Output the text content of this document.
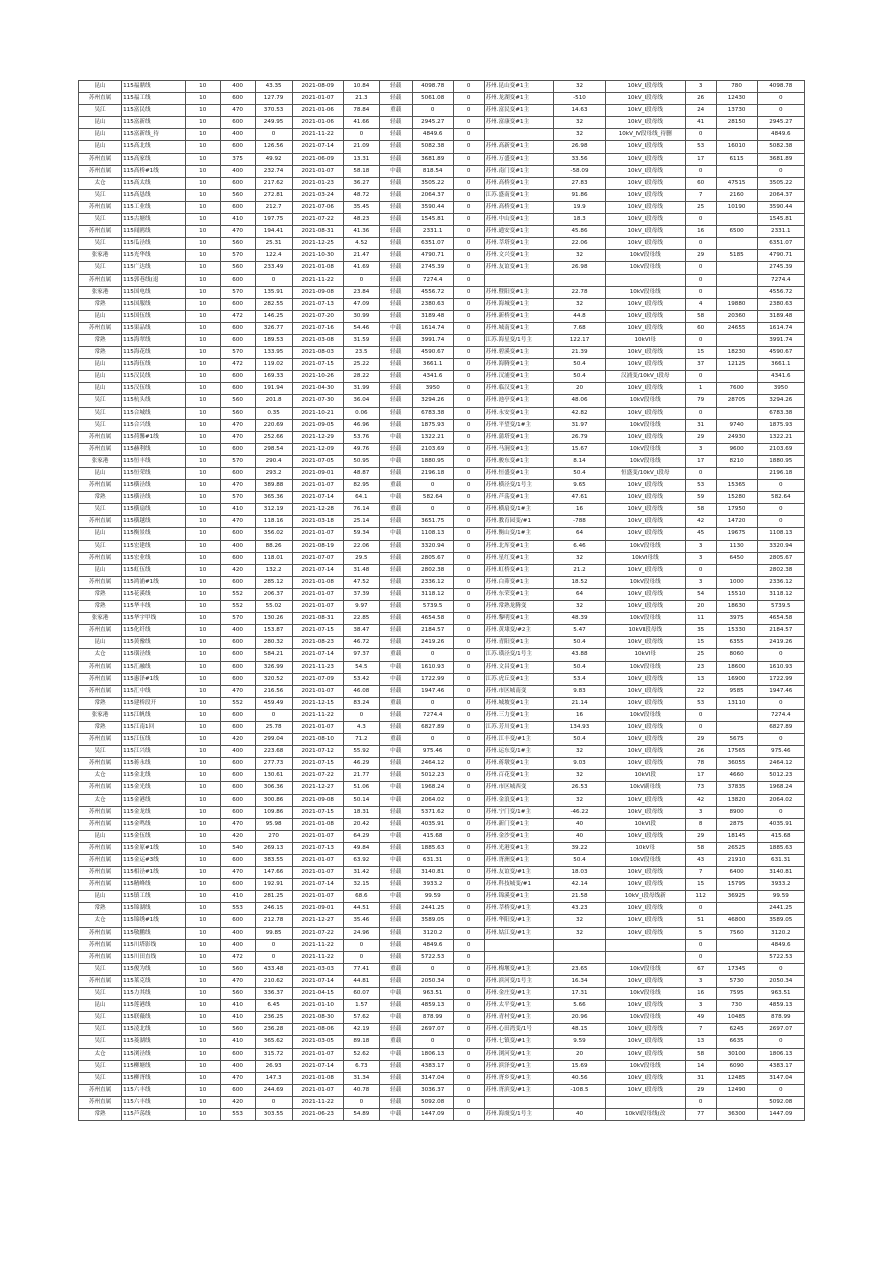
昆山	115福鼎线	10	400	43.35	2021-08-09	10.84	轻载	4098.78	0	苏州.昆山变#1主	32	10kV_Ⅰ段母线	3	780	4098.78
苏州直属	115福工线	10	600	127.79	2021-01-07	21.3	轻载	5061.08	0	苏州.龙湖变#1主	-510	10kV_Ⅰ段母线	26	12430	0
吴江	115富民线	10	470	370.53	2021-01-06	78.84	重载	0	0	苏州.富民变#1主	14.63	10kV_Ⅰ段母线	24	13730	0
昆山	115富新线	10	600	249.95	2021-01-06	41.66	轻载	2945.27	0	苏州.富康变#1主	32	10kV_Ⅰ段母线	41	28150	2945.27
昆山	115富新线_待	10	400	0	2021-11-22	0	轻载	4849.6	0		32	10kV_Ⅳ段母线_待删	0		4849.6
昆山	115高北线	10	600	126.56	2021-07-14	21.09	轻载	5082.38	0	苏州.高新变#1主	26.98	10kV_Ⅰ段母线	53	16010	5082.38
苏州直属	115高家线	10	375	49.92	2021-06-09	13.31	轻载	3681.89	0	苏州.万盛变#1主	33.56	10kV_Ⅰ段母线	17	6115	3681.89
苏州直属	115高桥#1线	10	400	232.74	2021-01-07	58.18	中载	818.54	0	苏州.南门变#1主	-58.09	10kV_Ⅰ段母线	0		0
太仓	115高太线	10	600	217.62	2021-01-23	36.27	轻载	3505.22	0	苏州.高桥变#1主	27.83	10kV_Ⅰ段母线	60	47515	3505.22
吴江	115高恳线	10	560	272.81	2021-03-24	48.72	轻载	2064.37	0	江苏.盛南变#1主	91.86	10kV_Ⅰ段母线	7	2160	2064.37
苏州直属	115工业线	10	600	212.7	2021-07-06	35.45	轻载	3590.44	0	苏州.高桥变#1主	19.9	10kV_Ⅰ段母线	25	10190	3590.44
吴江	115古塘线	10	410	197.75	2021-07-22	48.23	轻载	1545.81	0	苏州.中山变#1主	18.3	10kV_Ⅰ段母线	0		1545.81
苏州直属	115闻鸥线	10	470	194.41	2021-08-31	41.36	轻载	2331.1	0	苏州.通安变#1主	45.86	10kV_Ⅰ段母线	16	6500	2331.1
吴江	115瓜泾线	10	560	25.31	2021-12-25	4.52	轻载	6351.07	0	苏州.莘塔变#1主	22.06	10kV_Ⅰ段母线	0		6351.07
张家港	115光华线	10	570	122.4	2021-10-30	21.47	轻载	4790.71	0	苏州.文兴变#1主	32	10kV段母线	29	5185	4790.71
吴江	115广达线	10	560	233.49	2021-01-08	41.69	轻载	2745.39	0	苏州.友谊变#1主	26.98	10kV段母线	0		2745.39
苏州直属	115郭巷线(退	10	600	0	2021-11-22	0	轻载	7274.4	0				0		7274.4
张家港	115国电线	10	570	135.91	2021-09-08	23.84	轻载	4556.72	0	苏州.暨阳变#1主	22.78	10kV段母线	0		4556.72
常熟	115国服线	10	600	282.55	2021-07-13	47.09	轻载	2380.63	0	苏州.海城变#1主	32	10kV_Ⅰ段母线	4	19880	2380.63
昆山	115国伍线	10	472	146.25	2021-07-20	30.99	轻载	3189.48	0	苏州.新桥变#1主	44.8	10kV_Ⅰ段母线	58	20360	3189.48
苏州直属	115果品线	10	600	326.77	2021-07-16	54.46	中载	1614.74	0	苏州.城南变#1主	7.68	10kV_Ⅰ段母线	60	24655	1614.74
常熟	115海翠线	10	600	189.53	2021-03-08	31.59	轻载	3991.74	0	江苏.海星变/1号主	122.17	10kVⅠ母	0		3991.74
常熟	115海花线	10	570	133.95	2021-08-03	23.5	轻载	4590.67	0	苏州.碧溪变#1主	21.39	10kV_Ⅰ段母线	15	18230	4590.67
昆山	115海伍线	10	472	119.02	2021-07-15	25.22	轻载	3661.1	0	苏州.海腾变#1主	50.4	10kV_Ⅰ段母线	37	12125	3661.1
昆山	115汉民线	10	600	169.33	2021-10-26	28.22	轻载	4341.6	0	苏州.汉浦变#1主	50.4	汉浦变/10kV_Ⅰ段母	0		4341.6
昆山	115汉伍线	10	600	191.94	2021-04-30	31.99	轻载	3950	0	苏州.临汉变#1主	20	10kV_Ⅰ段母线	1	7600	3950
吴江	115杭头线	10	560	201.8	2021-07-30	36.04	轻载	3294.26	0	苏州.池亭变#1主	48.06	10kV段母线	79	28705	3294.26
吴江	115合城线	10	560	0.35	2021-10-21	0.06	轻载	6783.38	0	苏州.永安变#1主	42.82	10kV_Ⅰ段母线	0		6783.38
吴江	115合兴线	10	470	220.69	2021-09-05	46.96	轻载	1875.93	0	苏州.平望变/1#主	31.97	10kV段母线	31	9740	1875.93
苏州直属	115荷馨#1线	10	470	252.66	2021-12-29	53.76	中载	1322.21	0	苏州.蒲塔变#1主	26.79	10kV_Ⅰ段母线	29	24930	1322.21
苏州直属	115赫利线	10	600	298.54	2021-12-09	49.76	轻载	2103.69	0	苏州.马涧变#1主	15.67	10kV段母线	3	9600	2103.69
张家港	115恒丰线	10	570	290.4	2021-07-05	50.95	中载	1880.95	0	苏州.骏东变#1主	8.14	10kV段母线	17	8210	1880.95
昆山	115恒荣线	10	600	293.2	2021-09-01	48.87	轻载	2196.18	0	苏州.恒盛变#1主	50.4	恒盛变/10kV_Ⅰ段母	0		2196.18
苏州直属	115横泾线	10	470	389.88	2021-01-07	82.95	重载	0	0	苏州.横泾变/1号主	9.65	10kV_Ⅰ段母线	53	15365	0
常熟	115横泾线	10	570	365.36	2021-07-14	64.1	中载	582.64	0	苏州.芦荡变#1主	47.61	10kV_Ⅰ段母线	59	15280	582.64
吴江	115横扇线	10	410	312.19	2021-12-28	76.14	重载	0	0	苏州.横扇变/1#主	16	10kV_Ⅰ段母线	58	17950	0
苏州直属	115横越线	10	470	118.16	2021-03-18	25.14	轻载	3651.75	0	苏州.教育园变/#1	-788	10kV_Ⅰ段母线	42	14720	0
昆山	115衡景线	10	600	356.02	2021-01-07	59.34	中载	1108.13	0	苏州.衡山变/1#主	64	10kV_Ⅰ段母线	45	19675	1108.13
吴江	115宏建线	10	400	88.26	2021-08-19	22.06	轻载	3320.94	0	苏州.北厍变#1主	6.46	10kV段母线	3	1130	3320.94
苏州直属	115宏业线	10	600	118.01	2021-07-07	29.5	轻载	2805.67	0	苏州.星红变#1主	32	10kVⅠ母线	3	6450	2805.67
昆山	115虹伍线	10	420	132.2	2021-07-14	31.48	轻载	2802.38	0	苏州.虹桥变#1主	21.2	10kV_Ⅰ段母线	0		2802.38
苏州直属	115鸿浦#1线	10	600	285.12	2021-01-08	47.52	轻载	2336.12	0	苏州.白茆变#1主	18.52	10kV段母线	3	1000	2336.12
常熟	115花溪线	10	552	206.37	2021-01-07	37.39	轻载	3118.12	0	苏州.东荣变#1主	64	10kV_Ⅰ段母线	54	15510	3118.12
常熟	115华丰线	10	552	55.02	2021-01-07	9.97	轻载	5739.5	0	苏州.常熟龙腾变	32	10kV_Ⅰ段母线	20	18630	5739.5
张家港	115华宇甲线	10	570	130.26	2021-08-31	22.85	轻载	4654.58	0	苏州.黎明变#1主	48.39	10kV段母线	11	3975	4654.58
苏州直属	115化纤线	10	400	153.87	2021-07-15	38.47	轻载	2184.57	0	苏州.黄埭变/#2主	5.47	10kVⅡ段母线	35	15330	2184.57
昆山	115黄豫线	10	600	280.32	2021-08-23	46.72	轻载	2419.26	0	苏州.青阳变#1主	50.4	10kV_Ⅰ段母线	15	6355	2419.26
太仓	115璜泾线	10	600	584.21	2021-07-14	97.37	重载	0	0	江苏.璜泾变/1号主	43.88	10kVⅠ母	25	8060	0
苏州直属	115汇融线	10	600	326.99	2021-11-23	54.5	中载	1610.93	0	苏州.文昌变#1主	50.4	10kV段母线	23	18600	1610.93
苏州直属	115惠泽#1线	10	600	320.52	2021-07-09	53.42	中载	1722.99	0	江苏.虎丘变#1主	53.4	10kV_Ⅰ段母线	13	16900	1722.99
苏州直属	115汇中线	10	470	216.56	2021-01-07	46.08	轻载	1947.46	0	苏州.市区城南变	9.83	10kV_Ⅰ段母线	22	9585	1947.46
常熟	115建桥段开	10	552	459.49	2021-12-15	83.24	重载	0	0	苏州.城坡变#1主	21.14	10kV_Ⅰ段母线	53	13110	0
张家港	115江帆线	10	600	0	2021-11-22	0	轻载	7274.4	0	苏州.三力变#1主	16	10kV段母线	0		7274.4
常熟	115江南1回	10	600	25.78	2021-01-07	4.3	轻载	6827.89	0	江苏.芳川变#1主	134.93	10kV_Ⅰ段母线	0		6827.89
苏州直属	115江伍线	10	420	299.04	2021-08-10	71.2	重载	0	0	苏州.江丰变/#1主	50.4	10kV_Ⅰ段母线	29	5675	0
吴江	115江兴线	10	400	223.68	2021-07-12	55.92	中载	975.46	0	苏州.运东变/1#主	32	10kV_Ⅰ段母线	26	17565	975.46
苏州直属	115蒋永线	10	600	277.73	2021-07-15	46.29	轻载	2464.12	0	苏州.蒋墩变#1主	9.03	10kV_Ⅰ段母线	78	36055	2464.12
太仓	115金北线	10	600	130.61	2021-07-22	21.77	轻载	5012.23	0	苏州.百花变#1主	32	10kVⅠ段	17	4660	5012.23
苏州直属	115金光线	10	600	306.36	2021-12-27	51.06	中载	1968.24	0	苏州.市区城西变	26.53	10kV副母线	73	37835	1968.24
太仓	115金港线	10	600	300.86	2021-09-08	50.14	中载	2064.02	0	苏州.金浪变#1主	32	10kV_Ⅰ段母线	42	13820	2064.02
苏州直属	115金龙线	10	600	109.86	2021-07-15	18.31	轻载	5371.62	0	苏州.宁门变/1#主	-46.22	10kV_Ⅰ段母线	3	8900	0
苏州直属	115金鸣线	10	470	95.98	2021-01-08	20.42	轻载	4035.91	0	苏州.新门变#1主	40	10kVⅠ段	8	2875	4035.91
昆山	115金伍线	10	420	270	2021-01-07	64.29	中载	415.68	0	苏州.金沙变#1主	40	10kV_Ⅰ段母线	29	18145	415.68
苏州直属	115金原#1线	10	540	269.13	2021-07-13	49.84	轻载	1885.63	0	苏州.光港变#1主	39.22	10kV母	58	26525	1885.63
苏州直属	115金运#3线	10	600	383.55	2021-01-07	63.92	中载	631.31	0	苏州.胥洲变#1主	50.4	10kV段母线	43	21910	631.31
苏州直属	115相泾#1线	10	470	147.66	2021-01-07	31.42	轻载	3140.81	0	苏州.友谊变/#1主	18.03	10kV_Ⅰ段母线	7	6400	3140.81
苏州直属	115精峰线	10	600	192.91	2021-07-14	32.15	轻载	3933.2	0	苏州.科技城变/#1	42.14	10kV_Ⅰ段母线	15	15795	3933.2
昆山	115镇工线	10	410	281.25	2021-01-07	68.6	中载	99.59	0	苏州.锦溪变#1主	21.58	10kV_Ⅰ段母线新	112	36925	99.59
常熟	115锦湖线	10	553	246.15	2021-09-01	44.51	轻载	2441.25	0	苏州.莘桥变/#1主	43.23	10kV_Ⅰ段母线	0		2441.25
太仓	115锦绣#1线	10	600	212.78	2021-12-27	35.46	轻载	3589.05	0	苏州.华阳变/#1主	32	10kV_Ⅰ段母线	51	46800	3589.05
苏州直属	115敬鹏线	10	400	99.85	2021-07-22	24.96	轻载	3120.2	0	苏州.姑江变/#1主	32	10kV_Ⅰ段母线	5	7560	3120.2
苏州直属	115川塔影线	10	400	0	2021-11-22	0	轻载	4849.6	0				0		4849.6
苏州直属	115川田直线	10	472	0	2021-11-22	0	轻载	5722.53	0				0		5722.53
吴江	115俊为线	10	560	433.48	2021-03-03	77.41	重载	0	0	苏州.梅堰变/#1主	23.65	10kV段母线	67	17345	0
苏州直属	115莱克线	10	470	210.62	2021-07-14	44.81	轻载	2050.34	0	苏州.滨河变/1号主	16.34	10kV_Ⅰ段母线	3	5730	2050.34
吴江	115力其线	10	560	336.37	2021-04-15	60.07	中载	963.51	0	苏州.金庄变/#1主	17.31	10kV段母线	16	7595	963.51
昆山	115莲港线	10	410	6.45	2021-01-10	1.57	轻载	4859.13	0	苏州.太平变/#1主	5.66	10kV_Ⅰ段母线	3	730	4859.13
吴江	115联薇线	10	410	236.25	2021-08-30	57.62	中载	878.99	0	苏州.青村变/#1主	20.96	10kV段母线	49	10485	878.99
吴江	115凌北线	10	560	236.28	2021-08-06	42.19	轻载	2697.07	0	苏州.心田湾变/1号	48.15	10kV_Ⅰ段母线	7	6245	2697.07
吴江	115菱湖线	10	410	365.62	2021-03-05	89.18	重载	0	0	苏州.七镇变/#1主	9.59	10kV_Ⅰ段母线	13	6635	0
太仓	115浏泾线	10	600	315.72	2021-01-07	52.62	中载	1806.13	0	苏州.浏河变/#1主	20	10kV_Ⅰ段母线	58	30100	1806.13
吴江	115柳塘线	10	400	26.93	2021-07-14	6.73	轻载	4383.17	0	苏州.滨泽变/#1主	15.69	10kV段母线	14	6090	4383.17
吴江	115柳胥线	10	470	147.3	2021-01-08	31.34	轻载	3147.04	0	苏州.胥乡变/#1主	40.56	10kV_Ⅰ段母线	31	12485	3147.04
苏州直属	115六丰线	10	600	244.69	2021-01-07	40.78	轻载	3036.37	0	苏州.胥滨变/#1主	-108.5	10kV_Ⅰ段母线	29	12490	0
苏州直属	115六丰线	10	420	0	2021-11-22	0	轻载	5092.08	0				0		5092.08
常熟	115芦荡线	10	553	303.55	2021-06-23	54.89	中载	1447.09	0	苏州.海虞变/1号主	40	10kVⅠ段母线(改	77	36300	1447.09
